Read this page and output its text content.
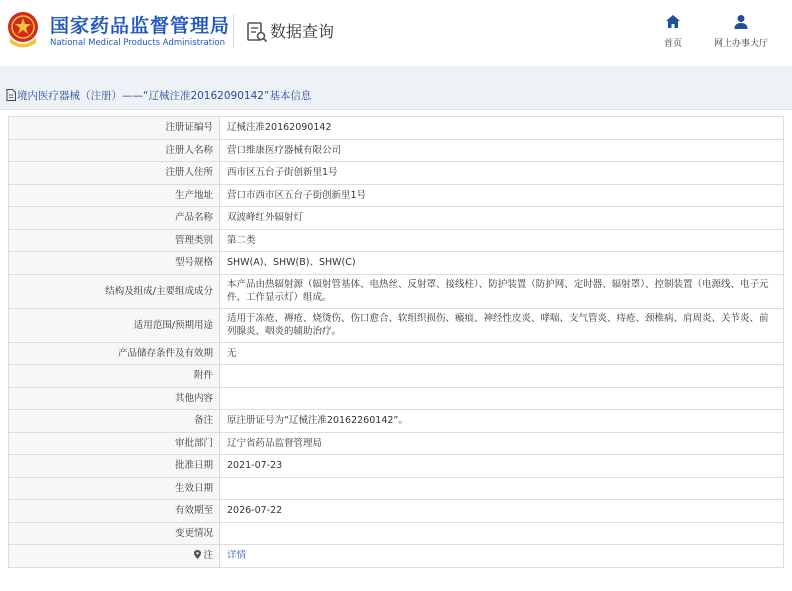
国家药品监督管理局
National Medical Products Administration
数据查询
首页	网上办事大厅
境内医疗器械（注册）——“辽械注准20162090142”基本信息
注册证编号	辽械注准20162090142
注册人名称	营口维康医疗器械有限公司
注册人住所	西市区五台子街创新里1号
生产地址	营口市西市区五台子街创新里1号
产品名称	双波峰红外辐射灯
管理类别	第二类
型号规格	SHW(A)、SHW(B)、SHW(C)
结构及组成/主要组成成分	本产品由热辐射源（辐射管基体、电热丝、反射罩、接线柱）、防护装置（防护网、定时器、辐射罩）、控制装置（电源线、电子元件、工作显示灯）组成。
适用范围/预期用途	适用于冻疮、褥疮、烧烫伤、伤口愈合、软组织损伤、瘢痕、神经性皮炎、哮喘、支气管炎、痔疮、颈椎病、肩周炎、关节炎、前列腺炎、咽炎的辅助治疗。
产品储存条件及有效期	无
附件	
其他内容	
备注	原注册证号为“辽械注准20162260142”。
审批部门	辽宁省药品监督管理局
批准日期	2021-07-23
生效日期	
有效期至	2026-07-22
变更情况	
注	详情
